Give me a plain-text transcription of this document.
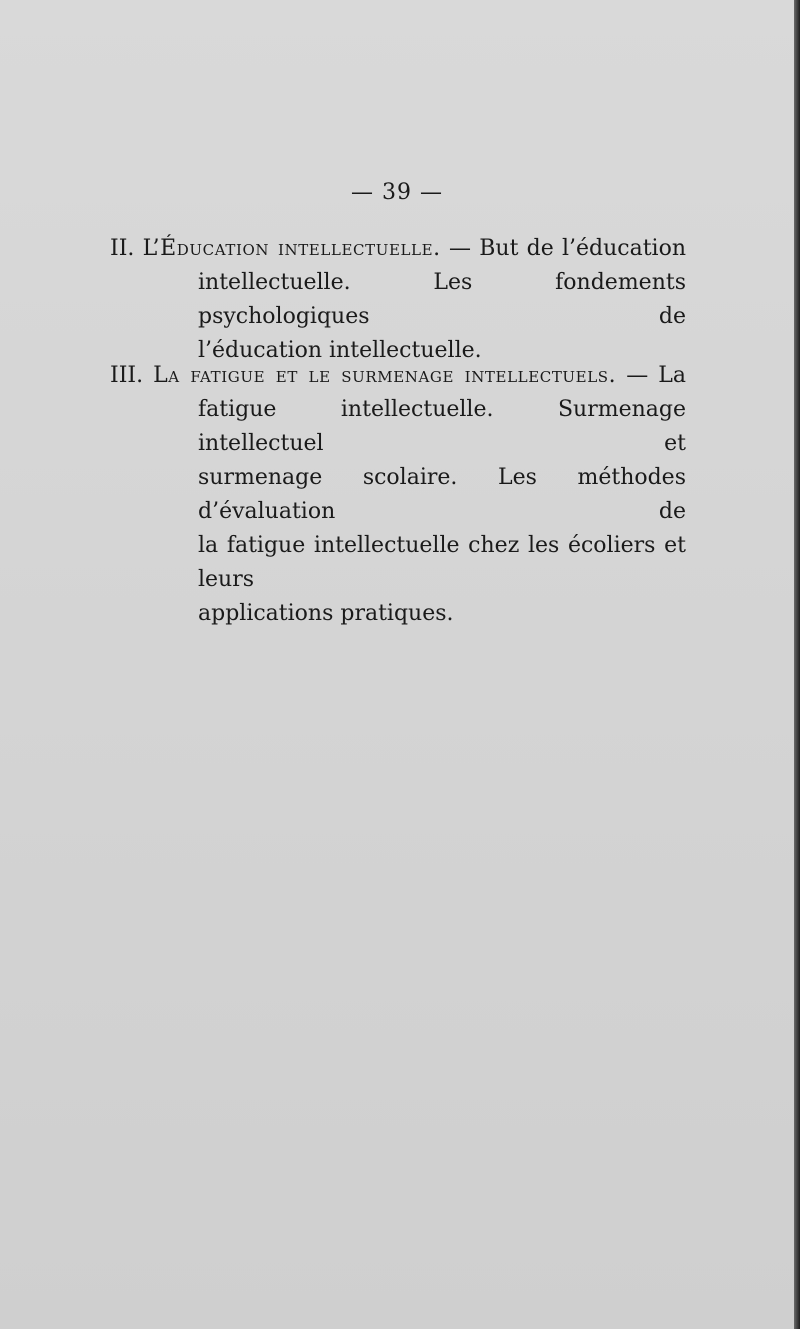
— 39 —
II. L’Éducation intellectuelle. — But de l’éducation
intellectuelle. Les fondements psychologiques de
l’éducation intellectuelle.
III. La fatigue et le surmenage intellectuels. — La
fatigue intellectuelle. Surmenage intellectuel et
surmenage scolaire. Les méthodes d’évaluation de
la fatigue intellectuelle chez les écoliers et leurs
applications pratiques.
